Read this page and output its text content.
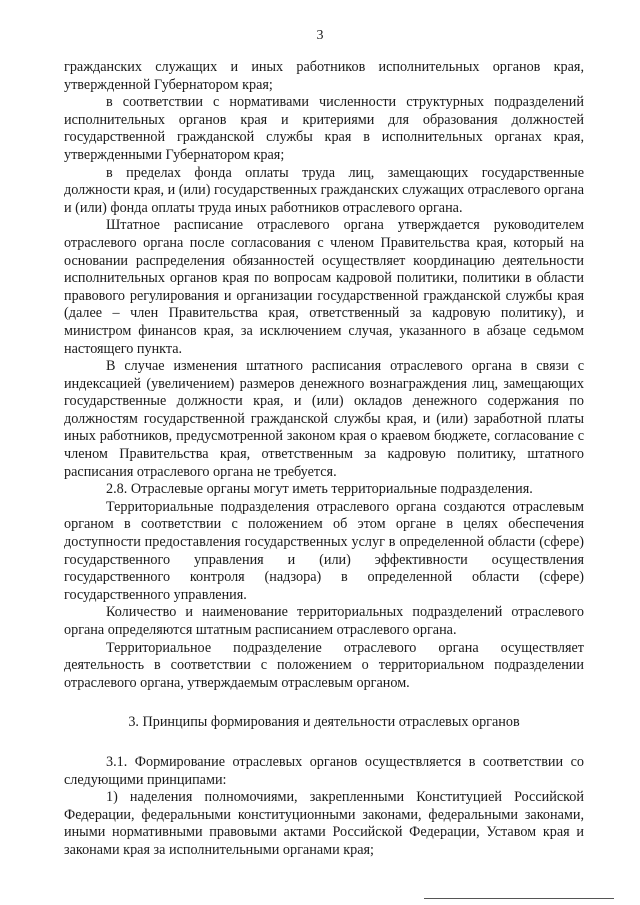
3

гражданских служащих и иных работников исполнительных органов края, утвержденной Губернатором края;

в соответствии с нормативами численности структурных подразделений исполнительных органов края и критериями для образования должностей государственной гражданской службы края в исполнительных органах края, утвержденными Губернатором края;

в пределах фонда оплаты труда лиц, замещающих государственные должности края, и (или) государственных гражданских служащих отраслевого органа и (или) фонда оплаты труда иных работников отраслевого органа.

Штатное расписание отраслевого органа утверждается руководителем отраслевого органа после согласования с членом Правительства края, который на основании распределения обязанностей осуществляет координацию деятельности исполнительных органов края по вопросам кадровой политики, политики в области правового регулирования и организации государственной гражданской службы края (далее – член Правительства края, ответственный за кадровую политику), и министром финансов края, за исключением случая, указанного в абзаце седьмом настоящего пункта.

В случае изменения штатного расписания отраслевого органа в связи с индексацией (увеличением) размеров денежного вознаграждения лиц, замещающих государственные должности края, и (или) окладов денежного содержания по должностям государственной гражданской службы края, и (или) заработной платы иных работников, предусмотренной законом края о краевом бюджете, согласование с членом Правительства края, ответственным за кадровую политику, штатного расписания отраслевого органа не требуется.

2.8. Отраслевые органы могут иметь территориальные подразделения.

Территориальные подразделения отраслевого органа создаются отраслевым органом в соответствии с положением об этом органе в целях обеспечения доступности предоставления государственных услуг в определенной области (сфере) государственного управления и (или) эффективности осуществления государственного контроля (надзора) в определенной области (сфере) государственного управления.

Количество и наименование территориальных подразделений отраслевого органа определяются штатным расписанием отраслевого органа.

Территориальное подразделение отраслевого органа осуществляет деятельность в соответствии с положением о территориальном подразделении отраслевого органа, утверждаемым отраслевым органом.

3. Принципы формирования и деятельности отраслевых органов

3.1. Формирование отраслевых органов осуществляется в соответствии со следующими принципами:

1) наделения полномочиями, закрепленными Конституцией Российской Федерации, федеральными конституционными законами, федеральными законами, иными нормативными правовыми актами Российской Федерации, Уставом края и законами края за исполнительными органами края;
